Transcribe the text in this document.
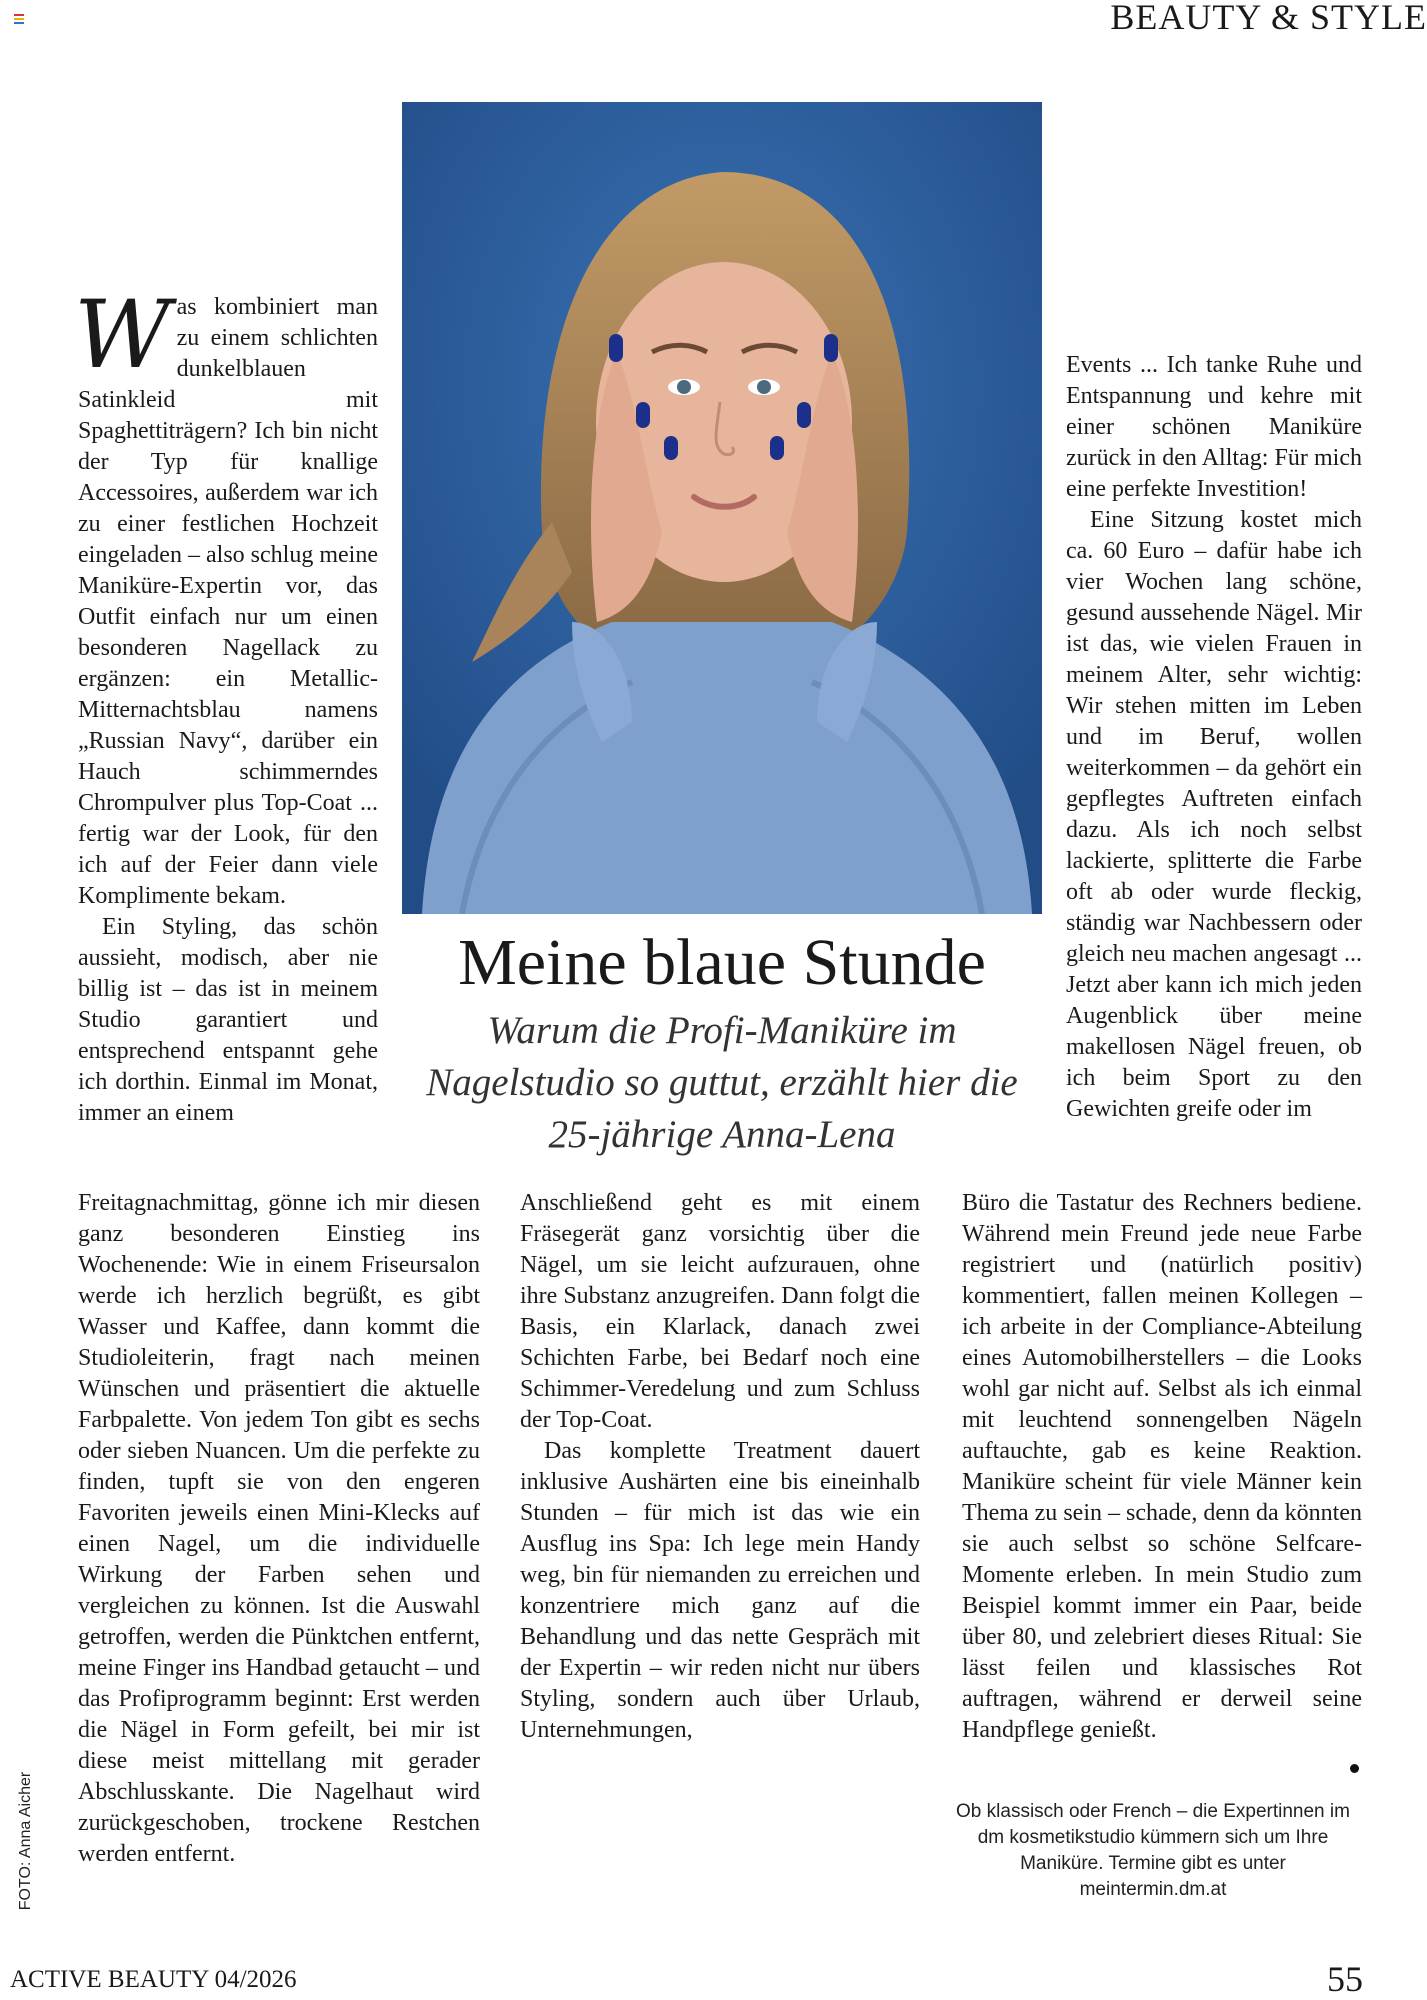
BEAUTY & STYLE

Was kombiniert man zu einem schlichten dunkelblauen Satinkleid mit Spaghettiträgern? Ich bin nicht der Typ für knallige Accessoires, außerdem war ich zu einer festlichen Hochzeit eingeladen – also schlug meine Maniküre-Expertin vor, das Outfit einfach nur um einen besonderen Nagellack zu ergänzen: ein Metallic-Mitternachtsblau namens „Russian Navy“, darüber ein Hauch schimmerndes Chrompulver plus Top-Coat ... fertig war der Look, für den ich auf der Feier dann viele Komplimente bekam.

Ein Styling, das schön aussieht, modisch, aber nie billig ist – das ist in meinem Studio garantiert und entsprechend entspannt gehe ich dorthin. Einmal im Monat, immer an einem

Freitagnachmittag, gönne ich mir diesen ganz besonderen Einstieg ins Wochenende: Wie in einem Friseursalon werde ich herzlich begrüßt, es gibt Wasser und Kaffee, dann kommt die Studioleiterin, fragt nach meinen Wünschen und präsentiert die aktuelle Farbpalette. Von jedem Ton gibt es sechs oder sieben Nuancen. Um die perfekte zu finden, tupft sie von den engeren Favoriten jeweils einen Mini-Klecks auf einen Nagel, um die individuelle Wirkung der Farben sehen und vergleichen zu können. Ist die Auswahl getroffen, werden die Pünktchen entfernt, meine Finger ins Handbad getaucht – und das Profiprogramm beginnt: Erst werden die Nägel in Form gefeilt, bei mir ist diese meist mittellang mit gerader Abschlusskante. Die Nagelhaut wird zurückgeschoben, trockene Restchen werden entfernt.
Meine blaue Stunde
Warum die Profi-Maniküre im Nagelstudio so guttut, erzählt hier die 25-jährige Anna-Lena

Anschließend geht es mit einem Fräsegerät ganz vorsichtig über die Nägel, um sie leicht aufzurauen, ohne ihre Substanz anzugreifen. Dann folgt die Basis, ein Klarlack, danach zwei Schichten Farbe, bei Bedarf noch eine Schimmer-Veredelung und zum Schluss der Top-Coat.

Das komplette Treatment dauert inklusive Aushärten eine bis eineinhalb Stunden – für mich ist das wie ein Ausflug ins Spa: Ich lege mein Handy weg, bin für niemanden zu erreichen und konzentriere mich ganz auf die Behandlung und das nette Gespräch mit der Expertin – wir reden nicht nur übers Styling, sondern auch über Urlaub, Unternehmungen,

Events ... Ich tanke Ruhe und Entspannung und kehre mit einer schönen Maniküre zurück in den Alltag: Für mich eine perfekte Investition!

Eine Sitzung kostet mich ca. 60 Euro – dafür habe ich vier Wochen lang schöne, gesund aussehende Nägel. Mir ist das, wie vielen Frauen in meinem Alter, sehr wichtig: Wir stehen mitten im Leben und im Beruf, wollen weiterkommen – da gehört ein gepflegtes Auftreten einfach dazu. Als ich noch selbst lackierte, splitterte die Farbe oft ab oder wurde fleckig, ständig war Nachbessern oder gleich neu machen angesagt ... Jetzt aber kann ich mich jeden Augenblick über meine makellosen Nägel freuen, ob ich beim Sport zu den Gewichten greife oder im

Büro die Tastatur des Rechners bediene. Während mein Freund jede neue Farbe registriert und (natürlich positiv) kommentiert, fallen meinen Kollegen – ich arbeite in der Compliance-Abteilung eines Automobilherstellers – die Looks wohl gar nicht auf. Selbst als ich einmal mit leuchtend sonnengelben Nägeln auftauchte, gab es keine Reaktion. Maniküre scheint für viele Männer kein Thema zu sein – schade, denn da könnten sie auch selbst so schöne Selfcare-Momente erleben. In mein Studio zum Beispiel kommt immer ein Paar, beide über 80, und zelebriert dieses Ritual: Sie lässt feilen und klassisches Rot auftragen, während er derweil seine Handpflege genießt.
Ob klassisch oder French – die Expertinnen im dm kosmetikstudio kümmern sich um Ihre Maniküre. Termine gibt es unter meintermin.dm.at
FOTO: Anna Aicher
ACTIVE BEAUTY 04/2026	55
